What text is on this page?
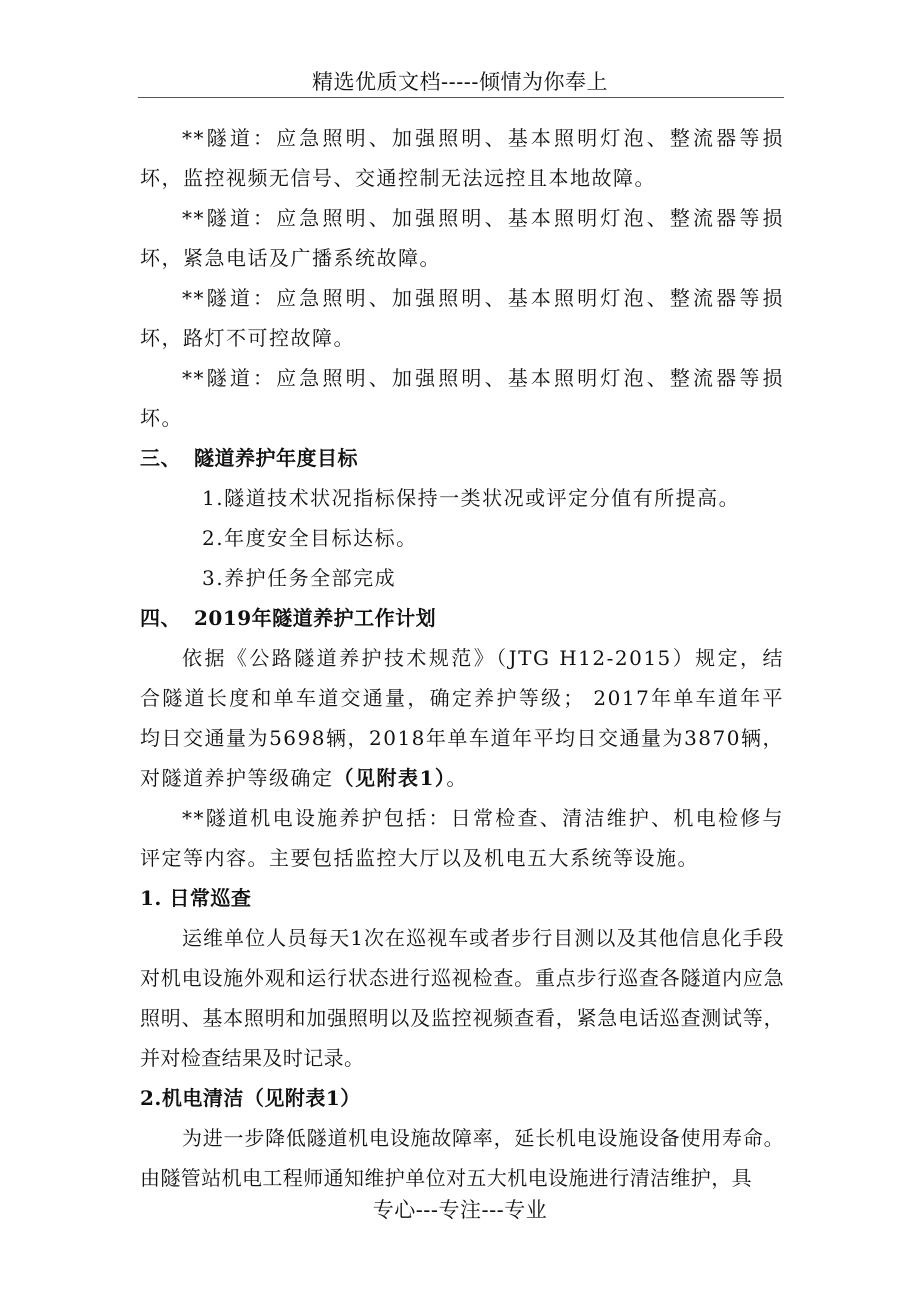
精选优质文档-----倾情为你奉上

**隧道：应急照明、加强照明、基本照明灯泡、整流器等损坏，监控视频无信号、交通控制无法远控且本地故障。

**隧道：应急照明、加强照明、基本照明灯泡、整流器等损坏，紧急电话及广播系统故障。

**隧道：应急照明、加强照明、基本照明灯泡、整流器等损坏，路灯不可控故障。

**隧道：应急照明、加强照明、基本照明灯泡、整流器等损坏。

三、 隧道养护年度目标

1.隧道技术状况指标保持一类状况或评定分值有所提高。

2.年度安全目标达标。

3.养护任务全部完成

四、 2019年隧道养护工作计划

依据《公路隧道养护技术规范》（JTG H12-2015）规定，结合隧道长度和单车道交通量，确定养护等级； 2017年单车道年平均日交通量为5698辆，2018年单车道年平均日交通量为3870辆，对隧道养护等级确定（见附表1）。

**隧道机电设施养护包括：日常检查、清洁维护、机电检修与评定等内容。主要包括监控大厅以及机电五大系统等设施。

1. 日常巡查

运维单位人员每天1次在巡视车或者步行目测以及其他信息化手段对机电设施外观和运行状态进行巡视检查。重点步行巡查各隧道内应急照明、基本照明和加强照明以及监控视频查看，紧急电话巡查测试等，并对检查结果及时记录。

2.机电清洁（见附表1）

为进一步降低隧道机电设施故障率，延长机电设施设备使用寿命。由隧管站机电工程师通知维护单位对五大机电设施进行清洁维护，具

专心---专注---专业
